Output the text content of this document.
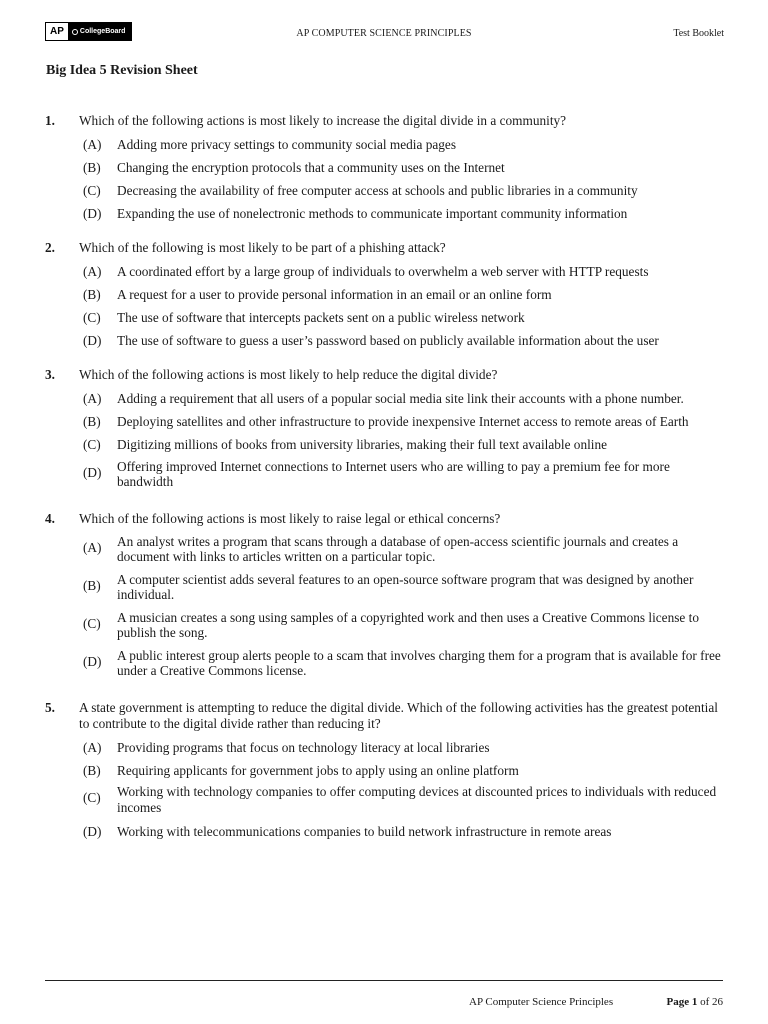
AP	CollegeBoard	AP COMPUTER SCIENCE PRINCIPLES	Test Booklet
Big Idea 5 Revision Sheet
1. Which of the following actions is most likely to increase the digital divide in a community?
(A)	Adding more privacy settings to community social media pages
(B)	Changing the encryption protocols that a community uses on the Internet
(C)	Decreasing the availability of free computer access at schools and public libraries in a community
(D)	Expanding the use of nonelectronic methods to communicate important community information
2. Which of the following is most likely to be part of a phishing attack?
(A)	A coordinated effort by a large group of individuals to overwhelm a web server with HTTP requests
(B)	A request for a user to provide personal information in an email or an online form
(C)	The use of software that intercepts packets sent on a public wireless network
(D)	The use of software to guess a user’s password based on publicly available information about the user
3. Which of the following actions is most likely to help reduce the digital divide?
(A)	Adding a requirement that all users of a popular social media site link their accounts with a phone number.
(B)	Deploying satellites and other infrastructure to provide inexpensive Internet access to remote areas of Earth
(C)	Digitizing millions of books from university libraries, making their full text available online
(D)	Offering improved Internet connections to Internet users who are willing to pay a premium fee for more bandwidth
4. Which of the following actions is most likely to raise legal or ethical concerns?
(A)	An analyst writes a program that scans through a database of open-access scientific journals and creates a document with links to articles written on a particular topic.
(B)	A computer scientist adds several features to an open-source software program that was designed by another individual.
(C)	A musician creates a song using samples of a copyrighted work and then uses a Creative Commons license to publish the song.
(D)	A public interest group alerts people to a scam that involves charging them for a program that is available for free under a Creative Commons license.
5. A state government is attempting to reduce the digital divide. Which of the following activities has the greatest potential to contribute to the digital divide rather than reducing it?
(A)	Providing programs that focus on technology literacy at local libraries
(B)	Requiring applicants for government jobs to apply using an online platform
(C)	Working with technology companies to offer computing devices at discounted prices to individuals with reduced incomes
(D)	Working with telecommunications companies to build network infrastructure in remote areas
AP Computer Science Principles	Page 1 of 26
